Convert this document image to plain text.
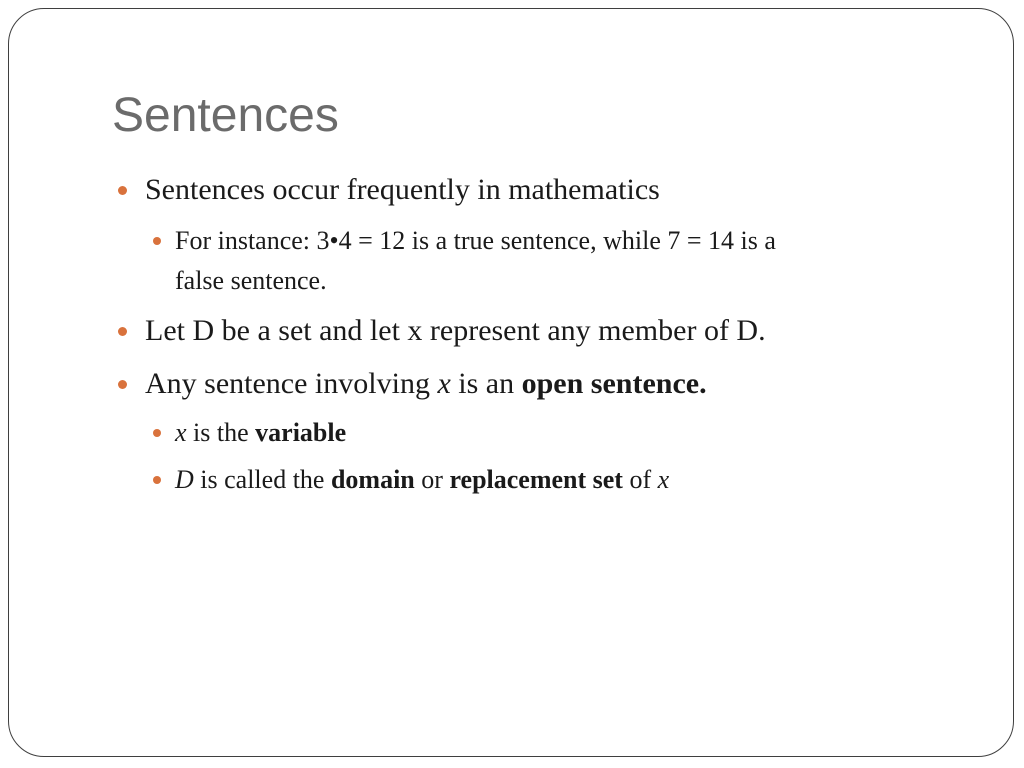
Sentences
Sentences occur frequently in mathematics
For instance: 3•4 = 12 is a true sentence, while 7 = 14 is a
false sentence.
Let D be a set and let x represent any member of D.
Any sentence involving x is an open sentence.
x is the variable
D is called the domain or replacement set of x
